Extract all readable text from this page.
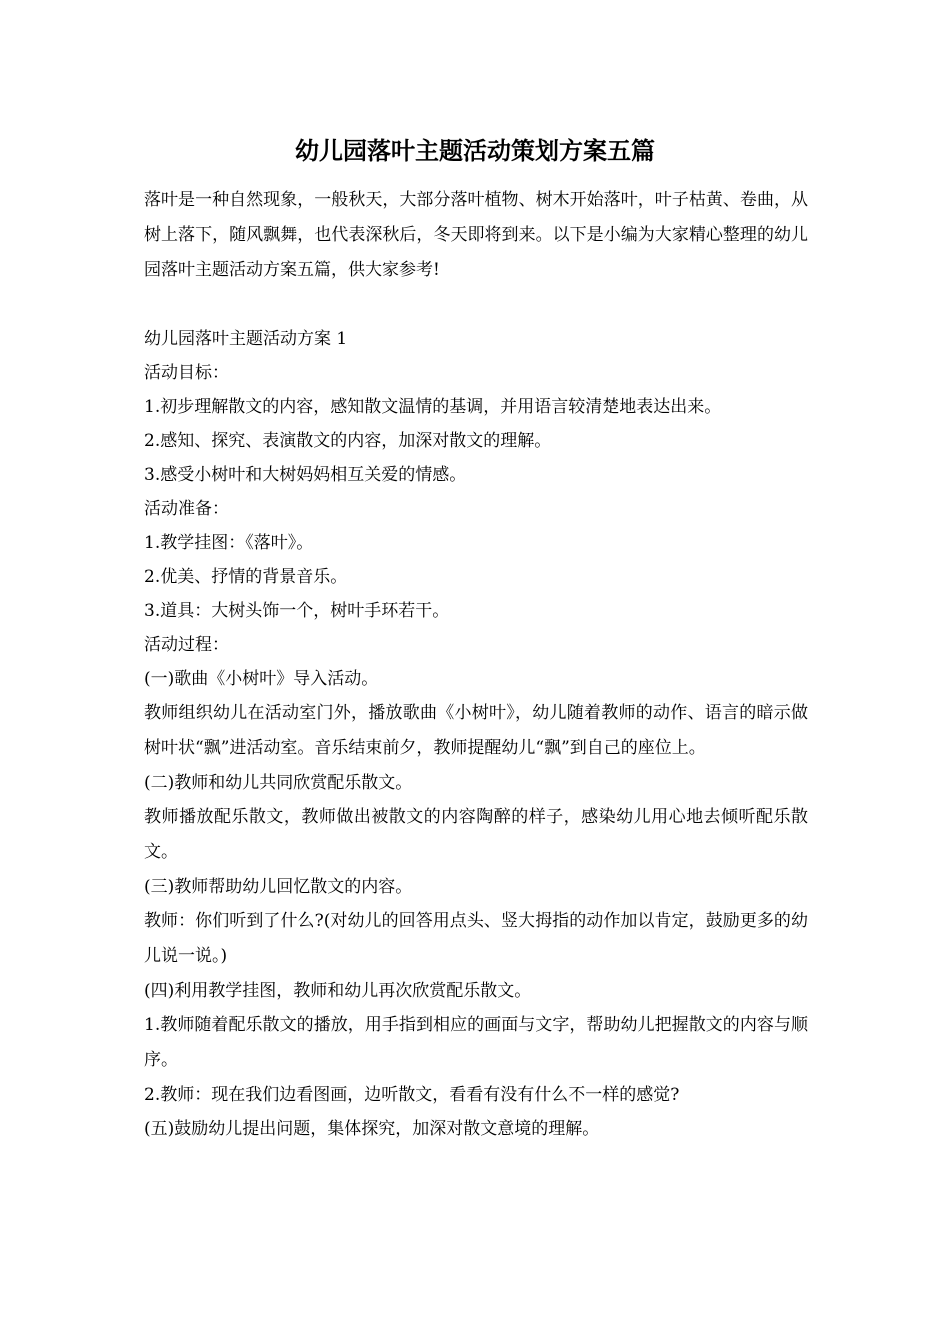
幼儿园落叶主题活动策划方案五篇

落叶是一种自然现象，一般秋天，大部分落叶植物、树木开始落叶，叶子枯黄、卷曲，从树上落下，随风飘舞，也代表深秋后，冬天即将到来。以下是小编为大家精心整理的幼儿园落叶主题活动方案五篇，供大家参考!

幼儿园落叶主题活动方案 1

活动目标：

1.初步理解散文的内容，感知散文温情的基调，并用语言较清楚地表达出来。

2.感知、探究、表演散文的内容，加深对散文的理解。

3.感受小树叶和大树妈妈相互关爱的情感。

活动准备：

1.教学挂图：《落叶》。

2.优美、抒情的背景音乐。

3.道具：大树头饰一个，树叶手环若干。

活动过程：

(一)歌曲《小树叶》导入活动。

教师组织幼儿在活动室门外，播放歌曲《小树叶》，幼儿随着教师的动作、语言的暗示做树叶状“飘”进活动室。音乐结束前夕，教师提醒幼儿“飘”到自己的座位上。

(二)教师和幼儿共同欣赏配乐散文。

教师播放配乐散文，教师做出被散文的内容陶醉的样子，感染幼儿用心地去倾听配乐散文。

(三)教师帮助幼儿回忆散文的内容。

教师：你们听到了什么?(对幼儿的回答用点头、竖大拇指的动作加以肯定，鼓励更多的幼儿说一说。)

(四)利用教学挂图，教师和幼儿再次欣赏配乐散文。

1.教师随着配乐散文的播放，用手指到相应的画面与文字，帮助幼儿把握散文的内容与顺序。

2.教师：现在我们边看图画，边听散文，看看有没有什么不一样的感觉?

(五)鼓励幼儿提出问题，集体探究，加深对散文意境的理解。
